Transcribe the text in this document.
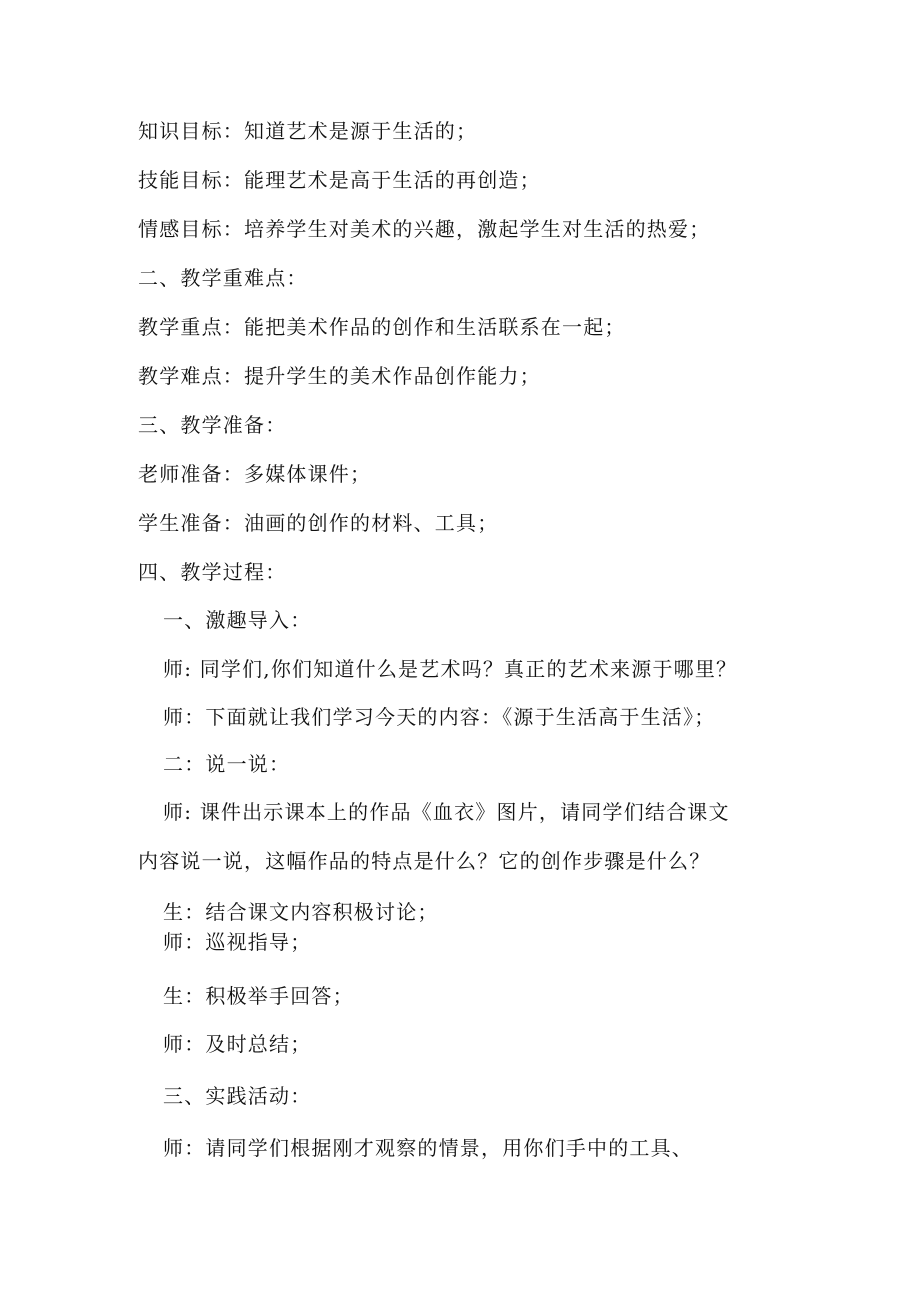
知识目标：知道艺术是源于生活的；
技能目标：能理艺术是高于生活的再创造；
情感目标：培养学生对美术的兴趣，激起学生对生活的热爱；
二、教学重难点：
教学重点：能把美术作品的创作和生活联系在一起；
教学难点：提升学生的美术作品创作能力；
三、教学准备：
老师准备：多媒体课件；
学生准备：油画的创作的材料、工具；
四、教学过程：
一、激趣导入：
师: 同学们,你们知道什么是艺术吗？真正的艺术来源于哪里？
师：下面就让我们学习今天的内容：《源于生活高于生活》；
二：说一说：
师: 课件出示课本上的作品《血衣》图片，请同学们结合课文
内容说一说，这幅作品的特点是什么？它的创作步骤是什么？
生：结合课文内容积极讨论；
师：巡视指导；
生：积极举手回答；
师：及时总结；
三、实践活动：
师：请同学们根据刚才观察的情景，用你们手中的工具、
